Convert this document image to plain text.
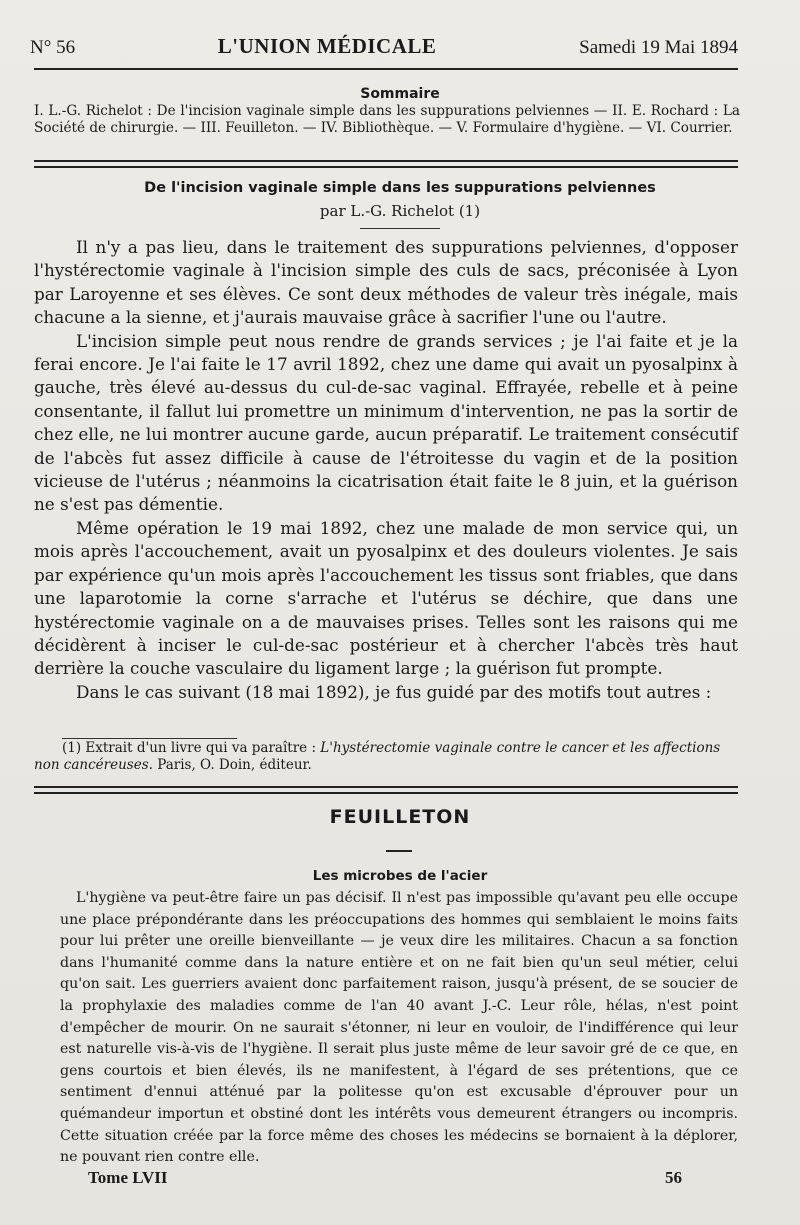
N° 56	L'UNION MÉDICALE	Samedi 19 Mai 1894
Sommaire
I. L.-G. Richelot : De l'incision vaginale simple dans les suppurations pelviennes — II. E. Rochard : La Société de chirurgie. — III. Feuilleton. — IV. Bibliothèque. — V. Formulaire d'hygiène. — VI. Courrier.
De l'incision vaginale simple dans les suppurations pelviennes
par L.-G. Richelot (1)

Il n'y a pas lieu, dans le traitement des suppurations pelviennes, d'opposer l'hystérectomie vaginale à l'incision simple des culs de sacs, préconisée à Lyon par Laroyenne et ses élèves. Ce sont deux méthodes de valeur très inégale, mais chacune a la sienne, et j'aurais mauvaise grâce à sacrifier l'une ou l'autre.

L'incision simple peut nous rendre de grands services ; je l'ai faite et je la ferai encore. Je l'ai faite le 17 avril 1892, chez une dame qui avait un pyosalpinx à gauche, très élevé au-dessus du cul-de-sac vaginal. Effrayée, rebelle et à peine consentante, il fallut lui promettre un minimum d'intervention, ne pas la sortir de chez elle, ne lui montrer aucune garde, aucun préparatif. Le traitement consécutif de l'abcès fut assez difficile à cause de l'étroitesse du vagin et de la position vicieuse de l'utérus ; néanmoins la cicatrisation était faite le 8 juin, et la guérison ne s'est pas démentie.

Même opération le 19 mai 1892, chez une malade de mon service qui, un mois après l'accouchement, avait un pyosalpinx et des douleurs violentes. Je sais par expérience qu'un mois après l'accouchement les tissus sont friables, que dans une laparotomie la corne s'arrache et l'utérus se déchire, que dans une hystérectomie vaginale on a de mauvaises prises. Telles sont les raisons qui me décidèrent à inciser le cul-de-sac postérieur et à chercher l'abcès très haut derrière la couche vasculaire du ligament large ; la guérison fut prompte.

Dans le cas suivant (18 mai 1892), je fus guidé par des motifs tout autres :

(1) Extrait d'un livre qui va paraître : L'hystérectomie vaginale contre le cancer et les affections non cancéreuses. Paris, O. Doin, éditeur.
FEUILLETON
Les microbes de l'acier

L'hygiène va peut-être faire un pas décisif. Il n'est pas impossible qu'avant peu elle occupe une place prépondérante dans les préoccupations des hommes qui semblaient le moins faits pour lui prêter une oreille bienveillante — je veux dire les militaires. Chacun a sa fonction dans l'humanité comme dans la nature entière et on ne fait bien qu'un seul métier, celui qu'on sait. Les guerriers avaient donc parfaitement raison, jusqu'à présent, de se soucier de la prophylaxie des maladies comme de l'an 40 avant J.-C. Leur rôle, hélas, n'est point d'empêcher de mourir. On ne saurait s'étonner, ni leur en vouloir, de l'indifférence qui leur est naturelle vis-à-vis de l'hygiène. Il serait plus juste même de leur savoir gré de ce que, en gens courtois et bien élevés, ils ne manifestent, à l'égard de ses prétentions, que ce sentiment d'ennui atténué par la politesse qu'on est excusable d'éprouver pour un quémandeur importun et obstiné dont les intérêts vous demeurent étrangers ou incompris. Cette situation créée par la force même des choses les médecins se bornaient à la déplorer, ne pouvant rien contre elle.

Tome LVII	56
